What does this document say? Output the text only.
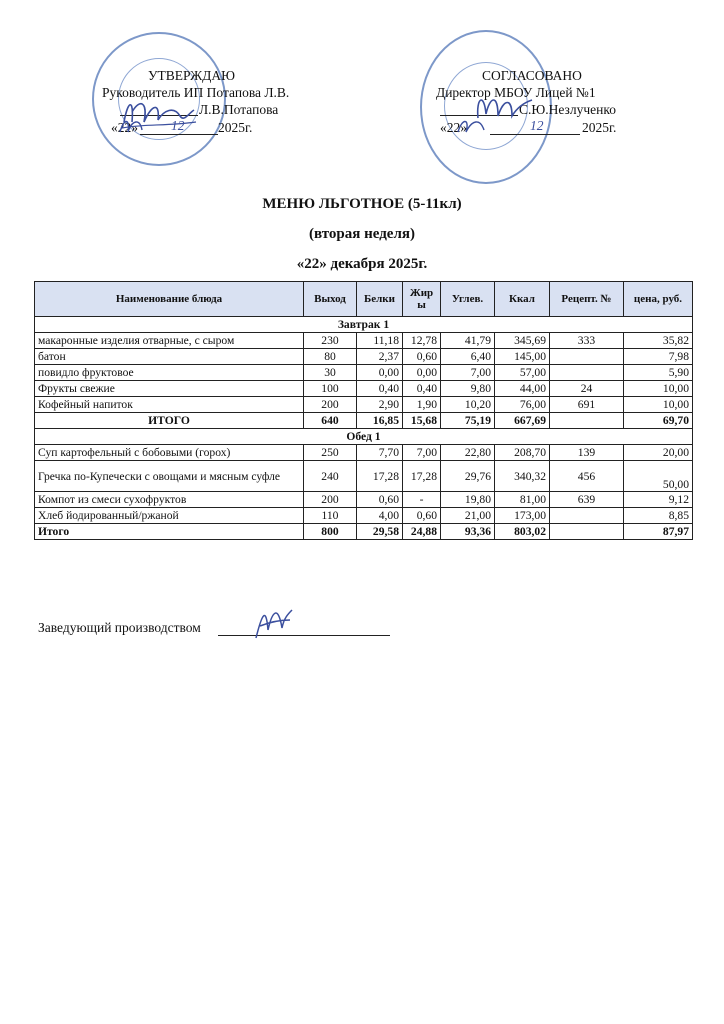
УТВЕРЖДАЮ
Руководитель ИП Потапова Л.В.
Л.В.Потапова
«22» 12 2025г.
СОГЛАСОВАНО
Директор МБОУ Лицей №1
С.Ю.Незлученко
«22»	12	2025г.
МЕНЮ ЛЬГОТНОЕ (5-11кл)
(вторая неделя)
«22» декабря 2025г.
Наименование блюда	Выход	Белки	Жир ы	Углев.	Ккал	Рецепт. №	цена, руб.
Завтрак 1							
макаронные изделия отварные, с сыром	230	11,18	12,78	41,79	345,69	333	35,82
батон	80	2,37	0,60	6,40	145,00		7,98
повидло фруктовое	30	0,00	0,00	7,00	57,00		5,90
Фрукты свежие	100	0,40	0,40	9,80	44,00	24	10,00
Кофейный напиток	200	2,90	1,90	10,20	76,00	691	10,00
ИТОГО	640	16,85	15,68	75,19	667,69		69,70
Обед 1							
Суп картофельный с бобовыми (горох)	250	7,70	7,00	22,80	208,70	139	20,00
Гречка по-Купечески с овощами и мясным суфле	240	17,28	17,28	29,76	340,32	456	50,00
Компот из смеси сухофруктов	200	0,60	-	19,80	81,00	639	9,12
Хлеб йодированный/ржаной	110	4,00	0,60	21,00	173,00		8,85
Итого	800	29,58	24,88	93,36	803,02		87,97
Заведующий производством
